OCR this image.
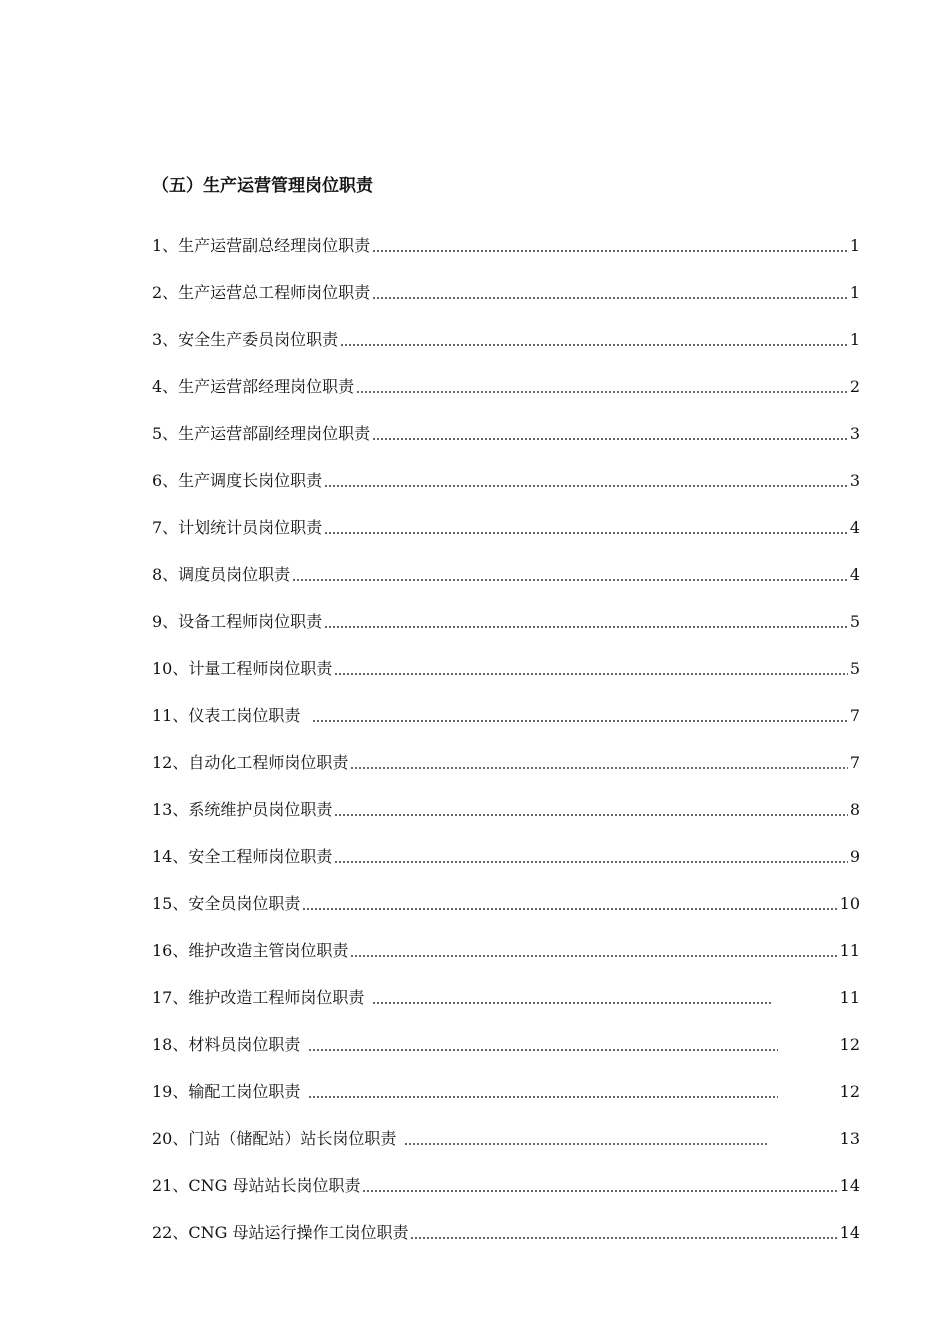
（五）生产运营管理岗位职责
1、生产运营副总经理岗位职责	1
2、生产运营总工程师岗位职责	1
3、安全生产委员岗位职责	1
4、生产运营部经理岗位职责	2
5、生产运营部副经理岗位职责	3
6、生产调度长岗位职责	3
7、计划统计员岗位职责	4
8、调度员岗位职责	4
9、设备工程师岗位职责	5
10、计量工程师岗位职责	5
11、仪表工岗位职责	7
12、自动化工程师岗位职责	7
13、系统维护员岗位职责	8
14、安全工程师岗位职责	9
15、安全员岗位职责	10
16、维护改造主管岗位职责	11
17、维护改造工程师岗位职责	11
18、材料员岗位职责	12
19、输配工岗位职责	12
20、门站（储配站）站长岗位职责	13
21、CNG 母站站长岗位职责	14
22、CNG 母站运行操作工岗位职责	14
